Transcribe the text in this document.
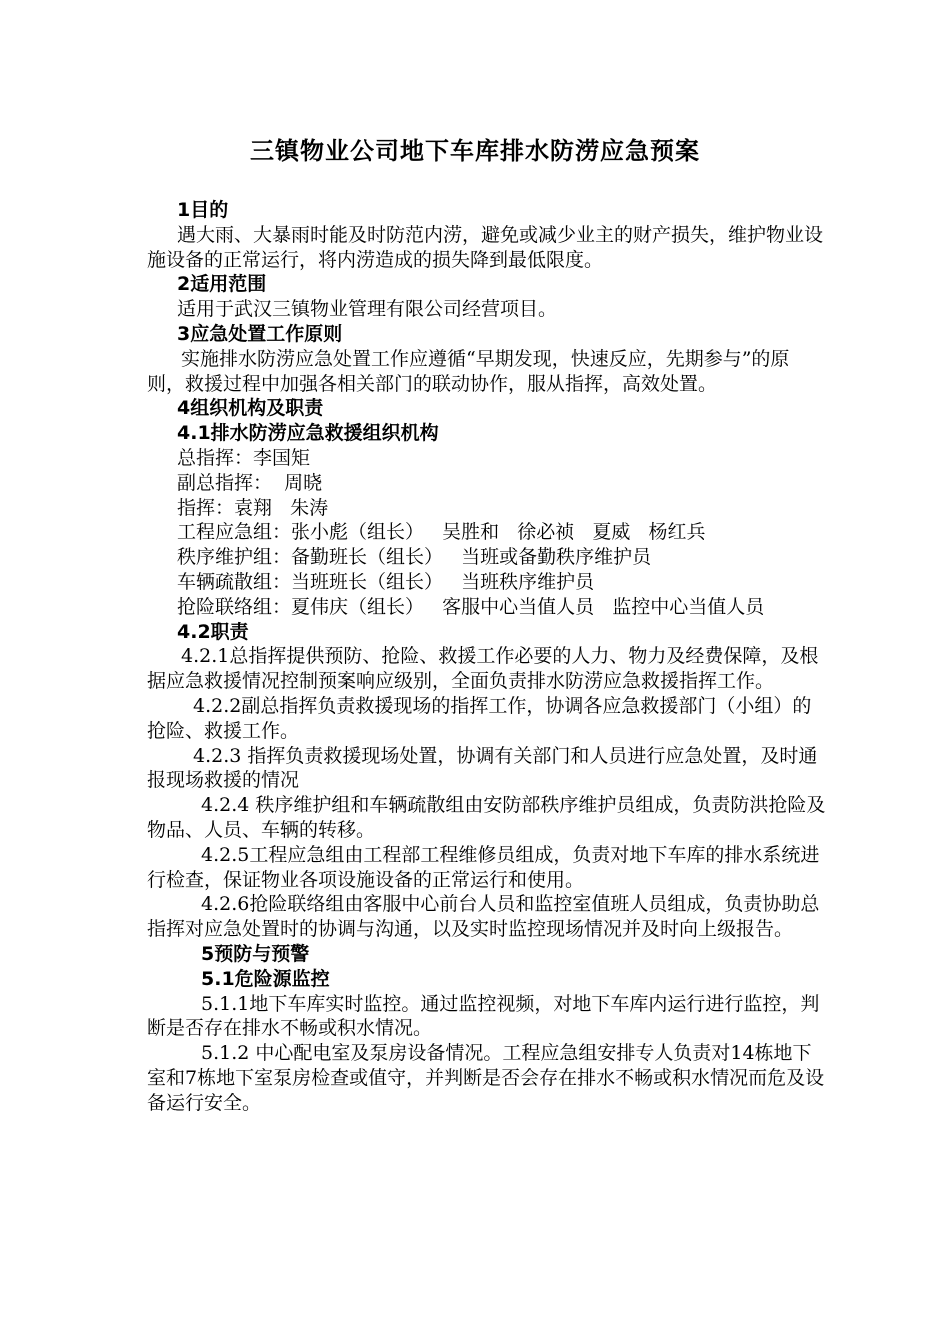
三镇物业公司地下车库排水防涝应急预案

1目的

遇大雨、大暴雨时能及时防范内涝，避免或减少业主的财产损失，维护物业设施设备的正常运行，将内涝造成的损失降到最低限度。

2适用范围

适用于武汉三镇物业管理有限公司经营项目。

3应急处置工作原则

实施排水防涝应急处置工作应遵循“早期发现，快速反应，先期参与”的原则，救援过程中加强各相关部门的联动协作，服从指挥，高效处置。

4组织机构及职责

4.1排水防涝应急救援组织机构

总指挥：李国矩

副总指挥：  周晓

指挥：袁翔   朱涛

工程应急组：张小彪（组长）   吴胜和   徐必祯   夏威   杨红兵

秩序维护组：备勤班长（组长）   当班或备勤秩序维护员

车辆疏散组：当班班长（组长）   当班秩序维护员

抢险联络组：夏伟庆（组长）   客服中心当值人员   监控中心当值人员

4.2职责

4.2.1总指挥提供预防、抢险、救援工作必要的人力、物力及经费保障，及根据应急救援情况控制预案响应级别，全面负责排水防涝应急救援指挥工作。

4.2.2副总指挥负责救援现场的指挥工作，协调各应急救援部门（小组）的抢险、救援工作。

4.2.3 指挥负责救援现场处置，协调有关部门和人员进行应急处置，及时通报现场救援的情况

4.2.4 秩序维护组和车辆疏散组由安防部秩序维护员组成，负责防洪抢险及物品、人员、车辆的转移。

4.2.5工程应急组由工程部工程维修员组成，负责对地下车库的排水系统进行检查，保证物业各项设施设备的正常运行和使用。

4.2.6抢险联络组由客服中心前台人员和监控室值班人员组成，负责协助总指挥对应急处置时的协调与沟通，以及实时监控现场情况并及时向上级报告。

5预防与预警

5.1危险源监控

5.1.1地下车库实时监控。通过监控视频，对地下车库内运行进行监控，判断是否存在排水不畅或积水情况。

5.1.2 中心配电室及泵房设备情况。工程应急组安排专人负责对14栋地下室和7栋地下室泵房检查或值守，并判断是否会存在排水不畅或积水情况而危及设备运行安全。
